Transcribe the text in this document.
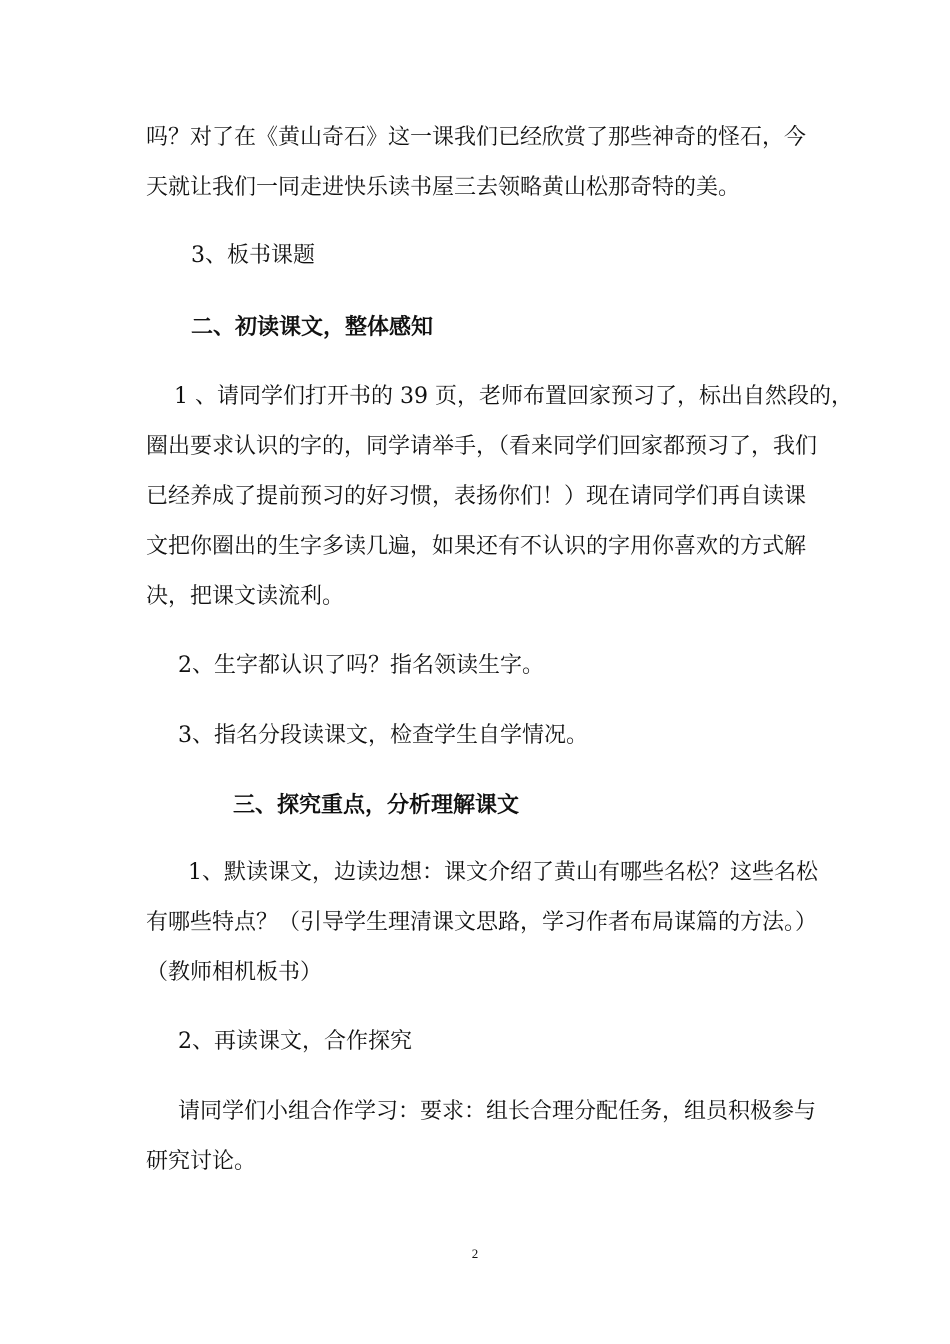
吗？对了在《黄山奇石》这一课我们已经欣赏了那些神奇的怪石，今
天就让我们一同走进快乐读书屋三去领略黄山松那奇特的美。
3、板书课题
二、初读课文，整体感知
1 、请同学们打开书的 39 页，老师布置回家预习了，标出自然段的，
圈出要求认识的字的，同学请举手，（看来同学们回家都预习了，我们
已经养成了提前预习的好习惯，表扬你们！）现在请同学们再自读课
文把你圈出的生字多读几遍，如果还有不认识的字用你喜欢的方式解
决，把课文读流利。
2、生字都认识了吗？指名领读生字。
3、指名分段读课文，检查学生自学情况。
三、探究重点，分析理解课文
1、默读课文，边读边想：课文介绍了黄山有哪些名松？这些名松
有哪些特点？（引导学生理清课文思路，学习作者布局谋篇的方法。）
（教师相机板书）
2、再读课文，合作探究
请同学们小组合作学习：要求：组长合理分配任务，组员积极参与
研究讨论。
2
